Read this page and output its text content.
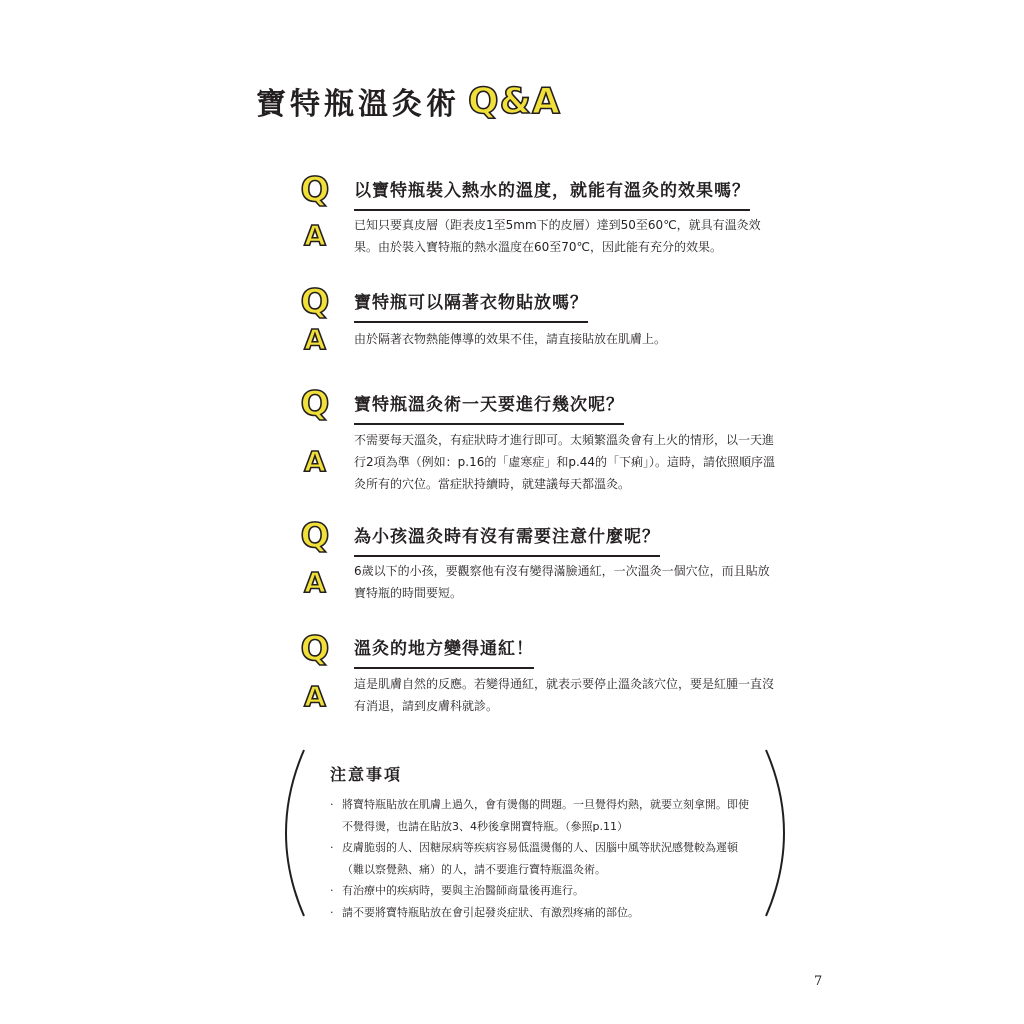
寶特瓶溫灸術 Q&A
Q 以寶特瓶裝入熱水的溫度，就能有溫灸的效果嗎？
A	已知只要真皮層（距表皮1至5mm下的皮層）達到50至60℃，就具有溫灸效果。由於裝入寶特瓶的熱水溫度在60至70℃，因此能有充分的效果。
Q 寶特瓶可以隔著衣物貼放嗎？
A	由於隔著衣物熱能傳導的效果不佳，請直接貼放在肌膚上。
Q 寶特瓶溫灸術一天要進行幾次呢？
A
不需要每天溫灸，有症狀時才進行即可。太頻繁溫灸會有上火的情形，以一天進行2項為準（例如：p.16的「虛寒症」和p.44的「下痢」）。這時，請依照順序溫灸所有的穴位。當症狀持續時，就建議每天都溫灸。
Q 為小孩溫灸時有沒有需要注意什麼呢？
A	6歲以下的小孩，要觀察他有沒有變得滿臉通紅，一次溫灸一個穴位，而且貼放寶特瓶的時間要短。
Q 溫灸的地方變得通紅！
A	這是肌膚自然的反應。若變得通紅，就表示要停止溫灸該穴位，要是紅腫一直沒有消退，請到皮膚科就診。
注意事項
· 將寶特瓶貼放在肌膚上過久，會有燙傷的問題。一旦覺得灼熱，就要立刻拿開。即使不覺得燙，也請在貼放3、4秒後拿開寶特瓶。（參照p.11）
· 皮膚脆弱的人、因糖尿病等疾病容易低溫燙傷的人、因腦中風等狀況感覺較為遲頓（難以察覺熱、痛）的人，請不要進行寶特瓶溫灸術。
· 有治療中的疾病時，要與主治醫師商量後再進行。
· 請不要將寶特瓶貼放在會引起發炎症狀、有激烈疼痛的部位。
7
